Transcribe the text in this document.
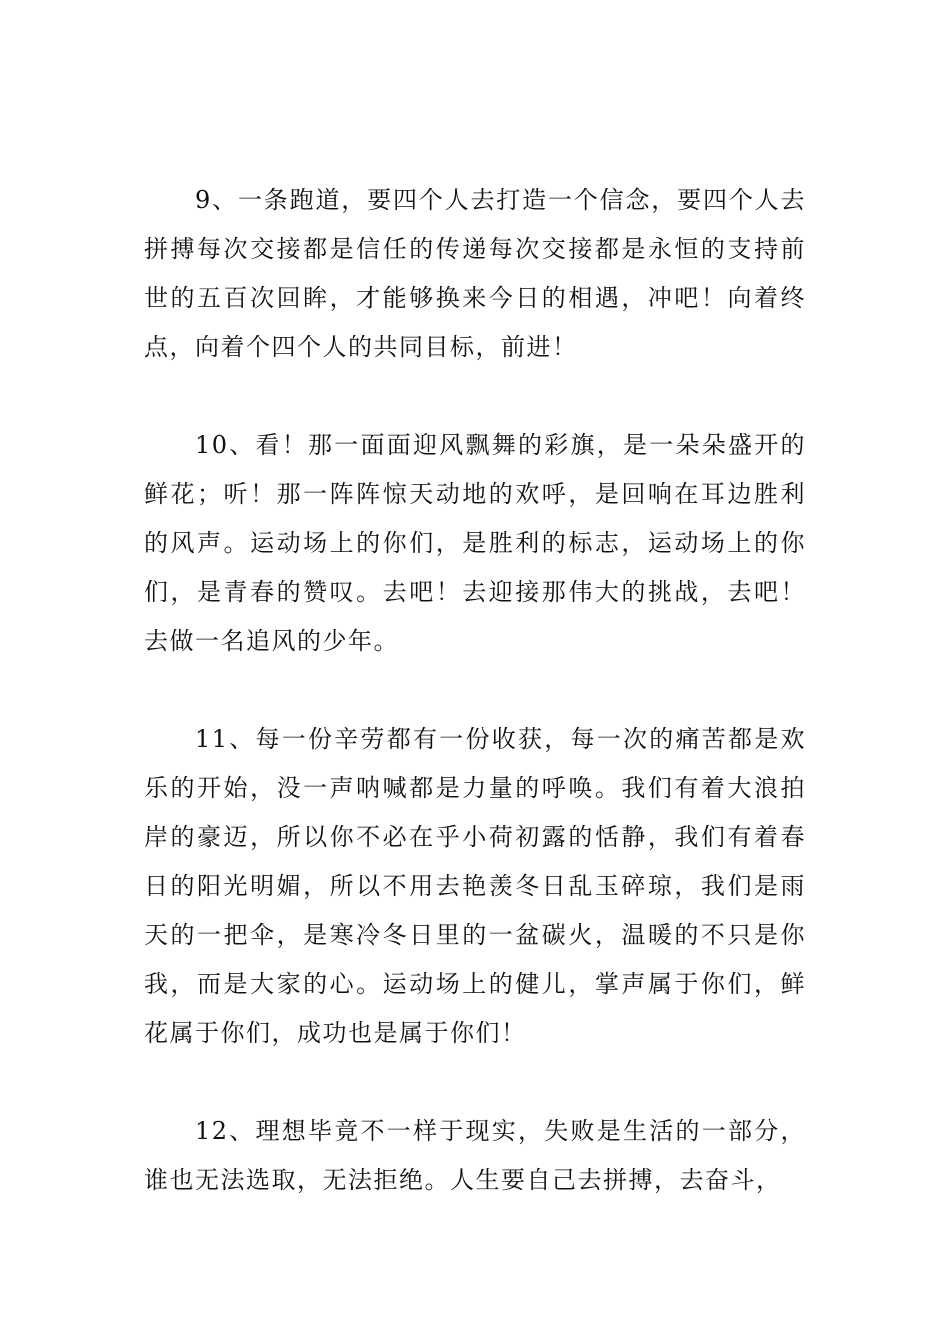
9、一条跑道，要四个人去打造一个信念，要四个人去拼搏每次交接都是信任的传递每次交接都是永恒的支持前世的五百次回眸，才能够换来今日的相遇，冲吧！向着终点，向着个四个人的共同目标，前进！

10、看！那一面面迎风飘舞的彩旗，是一朵朵盛开的鲜花；听！那一阵阵惊天动地的欢呼，是回响在耳边胜利的风声。运动场上的你们，是胜利的标志，运动场上的你们，是青春的赞叹。去吧！去迎接那伟大的挑战，去吧！去做一名追风的少年。

11、每一份辛劳都有一份收获，每一次的痛苦都是欢乐的开始，没一声呐喊都是力量的呼唤。我们有着大浪拍岸的豪迈，所以你不必在乎小荷初露的恬静，我们有着春日的阳光明媚，所以不用去艳羡冬日乱玉碎琼，我们是雨天的一把伞，是寒冷冬日里的一盆碳火，温暖的不只是你我，而是大家的心。运动场上的健儿，掌声属于你们，鲜花属于你们，成功也是属于你们！

12、理想毕竟不一样于现实，失败是生活的一部分，谁也无法选取，无法拒绝。人生要自己去拼搏，去奋斗，
